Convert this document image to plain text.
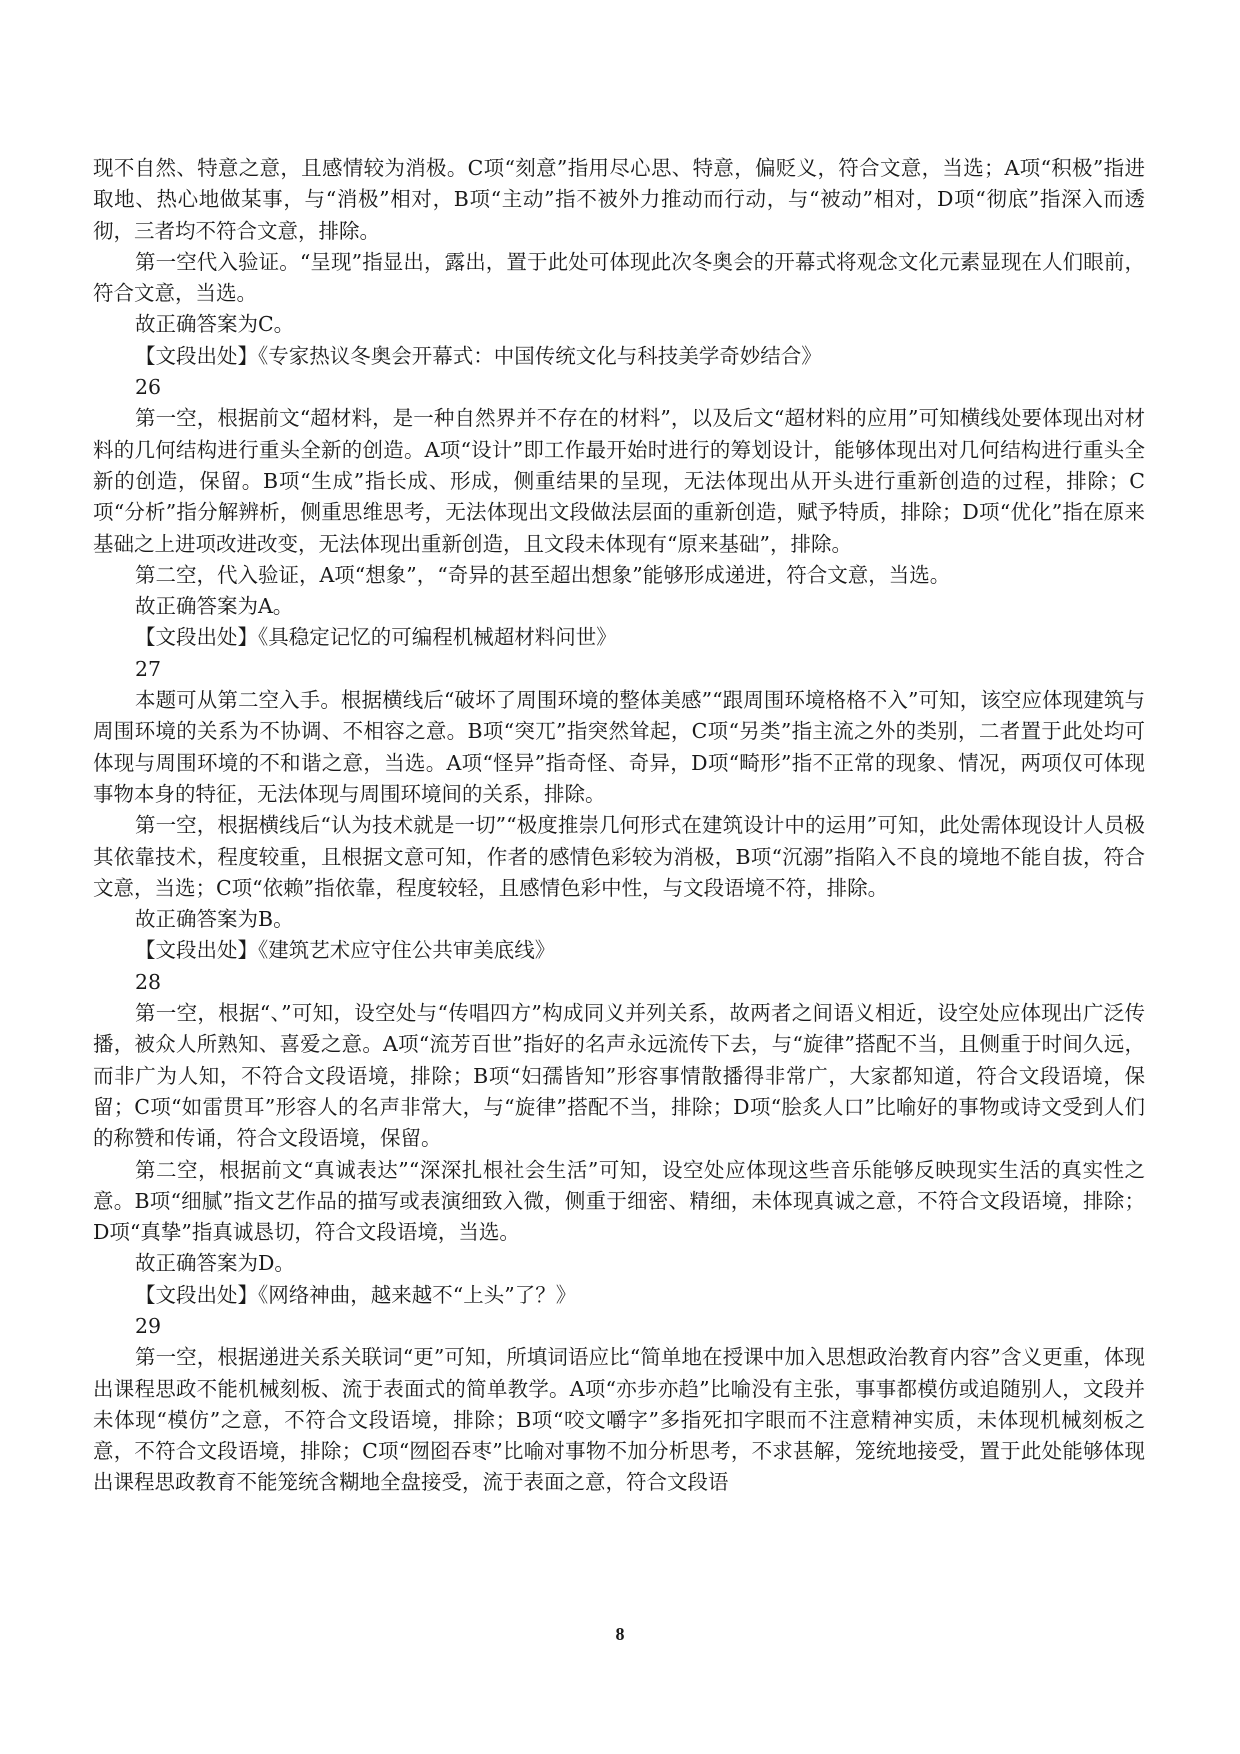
现不自然、特意之意，且感情较为消极。C项“刻意”指用尽心思、特意，偏贬义，符合文意，当选；A项“积极”指进取地、热心地做某事，与“消极”相对，B项“主动”指不被外力推动而行动，与“被动”相对，D项“彻底”指深入而透彻，三者均不符合文意，排除。

第一空代入验证。“呈现”指显出，露出，置于此处可体现此次冬奥会的开幕式将观念文化元素显现在人们眼前，符合文意，当选。

故正确答案为C。

【文段出处】《专家热议冬奥会开幕式：中国传统文化与科技美学奇妙结合》

26

第一空，根据前文“超材料，是一种自然界并不存在的材料”，以及后文“超材料的应用”可知横线处要体现出对材料的几何结构进行重头全新的创造。A项“设计”即工作最开始时进行的筹划设计，能够体现出对几何结构进行重头全新的创造，保留。B项“生成”指长成、形成，侧重结果的呈现，无法体现出从开头进行重新创造的过程，排除；C项“分析”指分解辨析，侧重思维思考，无法体现出文段做法层面的重新创造，赋予特质，排除；D项“优化”指在原来基础之上进项改进改变，无法体现出重新创造，且文段未体现有“原来基础”，排除。

第二空，代入验证，A项“想象”，“奇异的甚至超出想象”能够形成递进，符合文意，当选。

故正确答案为A。

【文段出处】《具稳定记忆的可编程机械超材料问世》

27

本题可从第二空入手。根据横线后“破坏了周围环境的整体美感”“跟周围环境格格不入”可知，该空应体现建筑与周围环境的关系为不协调、不相容之意。B项“突兀”指突然耸起，C项“另类”指主流之外的类别，二者置于此处均可体现与周围环境的不和谐之意，当选。A项“怪异”指奇怪、奇异，D项“畸形”指不正常的现象、情况，两项仅可体现事物本身的特征，无法体现与周围环境间的关系，排除。

第一空，根据横线后“认为技术就是一切”“极度推崇几何形式在建筑设计中的运用”可知，此处需体现设计人员极其依靠技术，程度较重，且根据文意可知，作者的感情色彩较为消极，B项“沉溺”指陷入不良的境地不能自拔，符合文意，当选；C项“依赖”指依靠，程度较轻，且感情色彩中性，与文段语境不符，排除。

故正确答案为B。

【文段出处】《建筑艺术应守住公共审美底线》

28

第一空，根据“、”可知，设空处与“传唱四方”构成同义并列关系，故两者之间语义相近，设空处应体现出广泛传播，被众人所熟知、喜爱之意。A项“流芳百世”指好的名声永远流传下去，与“旋律”搭配不当，且侧重于时间久远，而非广为人知，不符合文段语境，排除；B项“妇孺皆知”形容事情散播得非常广，大家都知道，符合文段语境，保留；C项“如雷贯耳”形容人的名声非常大，与“旋律”搭配不当，排除；D项“脍炙人口”比喻好的事物或诗文受到人们的称赞和传诵，符合文段语境，保留。

第二空，根据前文“真诚表达”“深深扎根社会生活”可知，设空处应体现这些音乐能够反映现实生活的真实性之意。B项“细腻”指文艺作品的描写或表演细致入微，侧重于细密、精细，未体现真诚之意，不符合文段语境，排除；D项“真挚”指真诚恳切，符合文段语境，当选。

故正确答案为D。

【文段出处】《网络神曲，越来越不“上头”了？》

29

第一空，根据递进关系关联词“更”可知，所填词语应比“简单地在授课中加入思想政治教育内容”含义更重，体现出课程思政不能机械刻板、流于表面式的简单教学。A项“亦步亦趋”比喻没有主张，事事都模仿或追随别人，文段并未体现“模仿”之意，不符合文段语境，排除；B项“咬文嚼字”多指死扣字眼而不注意精神实质，未体现机械刻板之意，不符合文段语境，排除；C项“囫囵吞枣”比喻对事物不加分析思考，不求甚解，笼统地接受，置于此处能够体现出课程思政教育不能笼统含糊地全盘接受，流于表面之意，符合文段语

8
